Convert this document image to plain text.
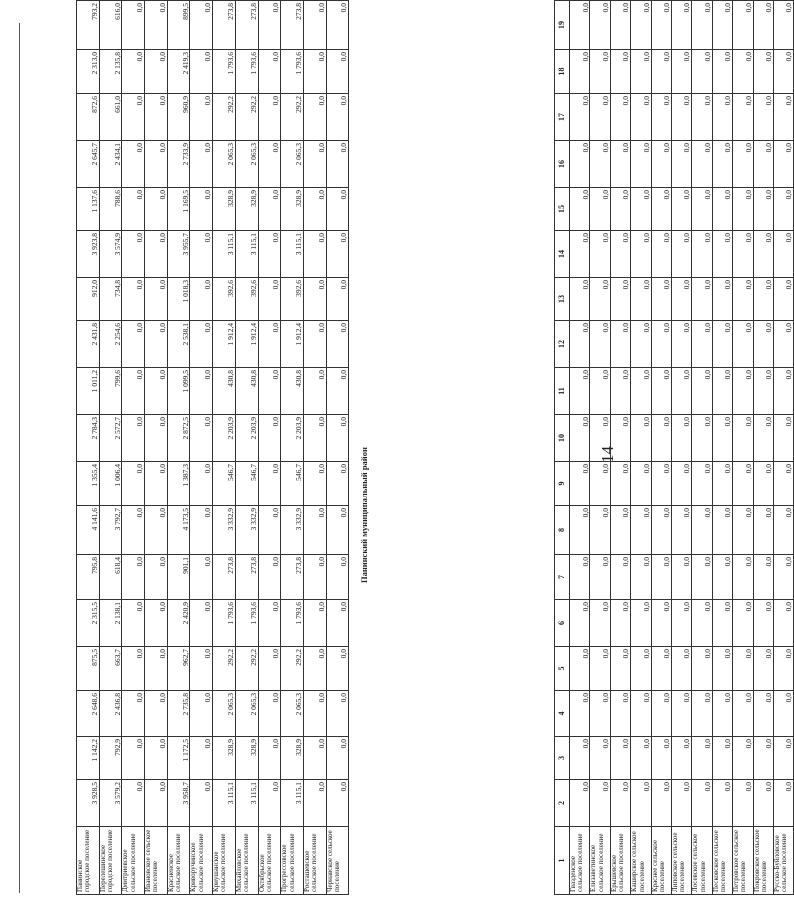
14
1	2	3	4	5	6	7	8	9	10	11	12	13	14	15	16	17	18	19
Гвазденское сельское поселение	0,0	0,0	0,0	0,0	0,0	0,0	0,0	0,0	0,0	0,0	0,0	0,0	0,0	0,0	0,0	0,0	0,0	0,0
Елизаветинское сельское поселение	0,0	0,0	0,0	0,0	0,0	0,0	0,0	0,0	0,0	0,0	0,0	0,0	0,0	0,0	0,0	0,0	0,0	0,0
Ерышевское сельское поселение	0,0	0,0	0,0	0,0	0,0	0,0	0,0	0,0	0,0	0,0	0,0	0,0	0,0	0,0	0,0	0,0	0,0	0,0
Каширское сельское поселение	0,0	0,0	0,0	0,0	0,0	0,0	0,0	0,0	0,0	0,0	0,0	0,0	0,0	0,0	0,0	0,0	0,0	0,0
Краснее сельское поселение	0,0	0,0	0,0	0,0	0,0	0,0	0,0	0,0	0,0	0,0	0,0	0,0	0,0	0,0	0,0	0,0	0,0	0,0
Липовское сельское поселение	0,0	0,0	0,0	0,0	0,0	0,0	0,0	0,0	0,0	0,0	0,0	0,0	0,0	0,0	0,0	0,0	0,0	0,0
Лосевское сельское поселение	0,0	0,0	0,0	0,0	0,0	0,0	0,0	0,0	0,0	0,0	0,0	0,0	0,0	0,0	0,0	0,0	0,0	0,0
Песковское сельское поселение	0,0	0,0	0,0	0,0	0,0	0,0	0,0	0,0	0,0	0,0	0,0	0,0	0,0	0,0	0,0	0,0	0,0	0,0
Петровское сельское поселение	0,0	0,0	0,0	0,0	0,0	0,0	0,0	0,0	0,0	0,0	0,0	0,0	0,0	0,0	0,0	0,0	0,0	0,0
Покровское сельское поселение	0,0	0,0	0,0	0,0	0,0	0,0	0,0	0,0	0,0	0,0	0,0	0,0	0,0	0,0	0,0	0,0	0,0	0,0
Русско-Буйловское сельское поселение	0,0	0,0	0,0	0,0	0,0	0,0	0,0	0,0	0,0	0,0	0,0	0,0	0,0	0,0	0,0	0,0	0,0	0,0
Панинский муниципальный район
Панинское городское поселение	3 928,5	1 142,2	2 648,6	875,5	2 315,5	795,8	4 141,6	1 355,4	2 784,3	1 011,2	2 431,8	912,0	3 923,8	1 137,6	2 645,7	872,6	2 313,0	793,2
Перелешинское городское поселение	3 579,2	792,9	2 436,8	663,7	2 138,1	618,4	3 792,7	1 006,4	2 572,7	799,6	2 254,6	734,8	3 574,9	788,6	2 434,1	661,0	2 135,8	616,0
Дмитриевское сельское поселение	0,0	0,0	0,0	0,0	0,0	0,0	0,0	0,0	0,0	0,0	0,0	0,0	0,0	0,0	0,0	0,0	0,0	0,0
Ивановское сельское поселение	0,0	0,0	0,0	0,0	0,0	0,0	0,0	0,0	0,0	0,0	0,0	0,0	0,0	0,0	0,0	0,0	0,0	0,0
Красненское сельское поселение	3 958,7	1 172,5	2 735,8	962,7	2 420,9	901,1	4 173,5	1 387,3	2 872,5	1 099,5	2 538,1	1 018,3	3 955,7	1 169,5	2 733,9	960,9	2 419,3	899,5
Криворучинское сельское поселение	0,0	0,0	0,0	0,0	0,0	0,0	0,0	0,0	0,0	0,0	0,0	0,0	0,0	0,0	0,0	0,0	0,0	0,0
Криушанское сельское поселение	3 115,1	328,9	2 065,3	292,2	1 793,6	273,8	3 332,9	546,7	2 203,9	430,8	1 912,4	392,6	3 115,1	328,9	2 065,3	292,2	1 793,6	273,8
Михайловское сельское поселение	3 115,1	328,9	2 065,3	292,2	1 793,6	273,8	3 332,9	546,7	2 203,9	430,8	1 912,4	392,6	3 115,1	328,9	2 065,3	292,2	1 793,6	273,8
Октябрьское сельское поселение	0,0	0,0	0,0	0,0	0,0	0,0	0,0	0,0	0,0	0,0	0,0	0,0	0,0	0,0	0,0	0,0	0,0	0,0
Прогрессовское сельское поселение	3 115,1	328,9	2 065,3	292,2	1 793,6	273,8	3 332,9	546,7	2 203,9	430,8	1 912,4	392,6	3 115,1	328,9	2 065,3	292,2	1 793,6	273,8
Росташевское сельское поселение	0,0	0,0	0,0	0,0	0,0	0,0	0,0	0,0	0,0	0,0	0,0	0,0	0,0	0,0	0,0	0,0	0,0	0,0
Чернавское сельское поселение	0,0	0,0	0,0	0,0	0,0	0,0	0,0	0,0	0,0	0,0	0,0	0,0	0,0	0,0	0,0	0,0	0,0	0,0
